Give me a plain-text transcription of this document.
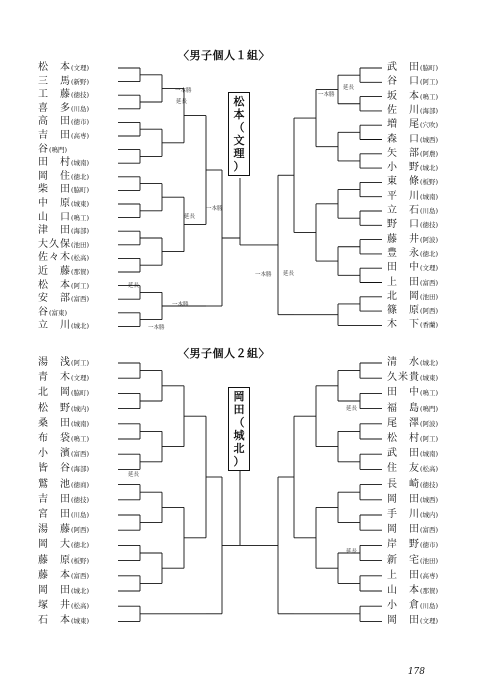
〈男子個人１組〉
〈男子個人２組〉
松　本(文理)
三　馬(新野)
工　藤(徳技)
喜　多(川島)
高　田(徳市)
吉　田(高専)
谷(鳴門)
田　村(城南)
岡　住(徳北)
柴　田(脇町)
中　原(城東)
山　口(鳴工)
津　田(海部)
大久保(池田)
佐々木(松高)
近　藤(那賀)
松　本(阿工)
安　部(富西)
谷(富東)
立　川(城北)
武　田(脇町)
谷　口(阿工)
坂　本(鳴工)
佐　川(海部)
増　尾(穴吹)
森　口(城西)
矢　部(阿農)
小　野(城北)
東　條(板野)
平　川(城南)
立　石(川島)
野　口(徳技)
藤　井(阿波)
豊　永(徳北)
田　中(文理)
上　田(富西)
北　岡(池田)
篠　原(阿西)
木　下(香蘭)
湯　浅(阿工)
青　木(文理)
北　岡(脇町)
松　野(城内)
桑　田(城南)
布　袋(鳴工)
小　濱(富西)
皆　谷(海部)
鷲　池(徳商)
吉　田(徳技)
宮　田(川島)
湯　藤(阿西)
岡　大(徳北)
藤　原(板野)
藤　本(富西)
岡　田(城北)
塚　井(松高)
石　本(城東)
清　水(城北)
久米貴(城東)
田　中(鳴工)
福　島(鳴門)
尾　澤(阿波)
松　村(阿工)
武　田(城南)
住　友(松高)
長　崎(徳技)
岡　田(城西)
手　川(城内)
岡　田(富西)
岸　野(徳市)
新　宅(池田)
上　田(高専)
山　本(那賀)
小　倉(川島)
岡　田(文理)
松
本
（
文
理
）
岡
田
（
城
北
）
延長
一本勝
延長
一本勝
延長
一本勝
延長
一本勝
一本勝
延長
一本勝
延長
延長
延長
178
